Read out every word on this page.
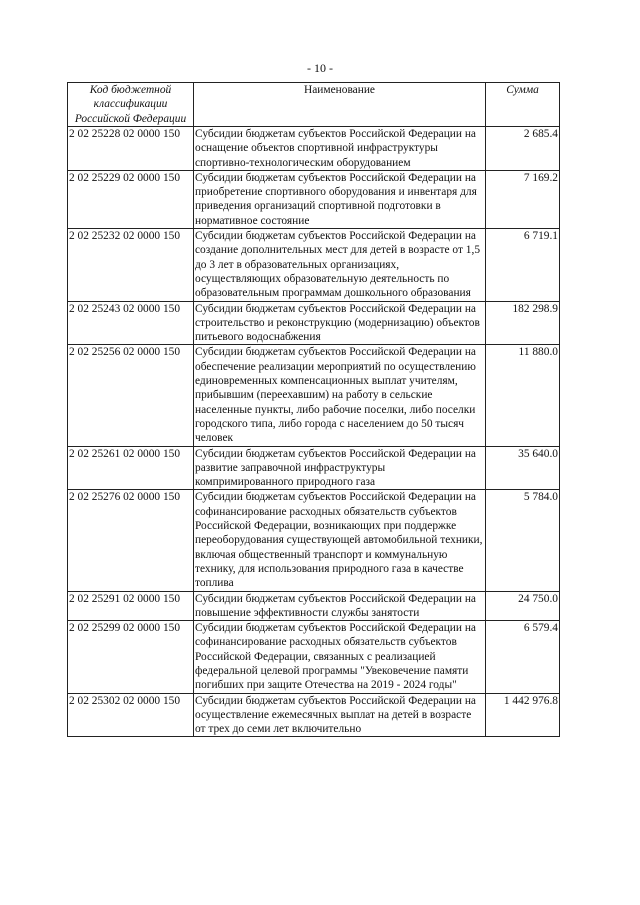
- 10 -
Код бюджетной классификации Российской Федерации	Наименование	Сумма
2 02 25228 02 0000 150	Субсидии бюджетам субъектов Российской Федерации на оснащение объектов спортивной инфраструктуры спортивно-технологическим оборудованием	2 685.4
2 02 25229 02 0000 150	Субсидии бюджетам субъектов Российской Федерации на приобретение спортивного оборудования и инвентаря для приведения организаций спортивной подготовки в нормативное состояние	7 169.2
2 02 25232 02 0000 150	Субсидии бюджетам субъектов Российской Федерации на создание дополнительных мест для детей в возрасте от 1,5 до 3 лет в образовательных организациях, осуществляющих образовательную деятельность по образовательным программам дошкольного образования	6 719.1
2 02 25243 02 0000 150	Субсидии бюджетам субъектов Российской Федерации на строительство и реконструкцию (модернизацию) объектов питьевого водоснабжения	182 298.9
2 02 25256 02 0000 150	Субсидии бюджетам субъектов Российской Федерации на обеспечение реализации мероприятий по осуществлению единовременных компенсационных выплат учителям, прибывшим (переехавшим) на работу в сельские населенные пункты, либо рабочие поселки, либо поселки городского типа, либо города с населением до 50 тысяч человек	11 880.0
2 02 25261 02 0000 150	Субсидии бюджетам субъектов Российской Федерации на развитие заправочной инфраструктуры компримированного природного газа	35 640.0
2 02 25276 02 0000 150	Субсидии бюджетам субъектов Российской Федерации на софинансирование расходных обязательств субъектов Российской Федерации, возникающих при поддержке переоборудования существующей автомобильной техники, включая общественный транспорт и коммунальную технику, для использования природного газа в качестве топлива	5 784.0
2 02 25291 02 0000 150	Субсидии бюджетам субъектов Российской Федерации на повышение эффективности службы занятости	24 750.0
2 02 25299 02 0000 150	Субсидии бюджетам субъектов Российской Федерации на софинансирование расходных обязательств субъектов Российской Федерации, связанных с реализацией федеральной целевой программы "Увековечение памяти погибших при защите Отечества на 2019 - 2024 годы"	6 579.4
2 02 25302 02 0000 150	Субсидии бюджетам субъектов Российской Федерации на осуществление ежемесячных выплат на детей в возрасте от трех до семи лет включительно	1 442 976.8
